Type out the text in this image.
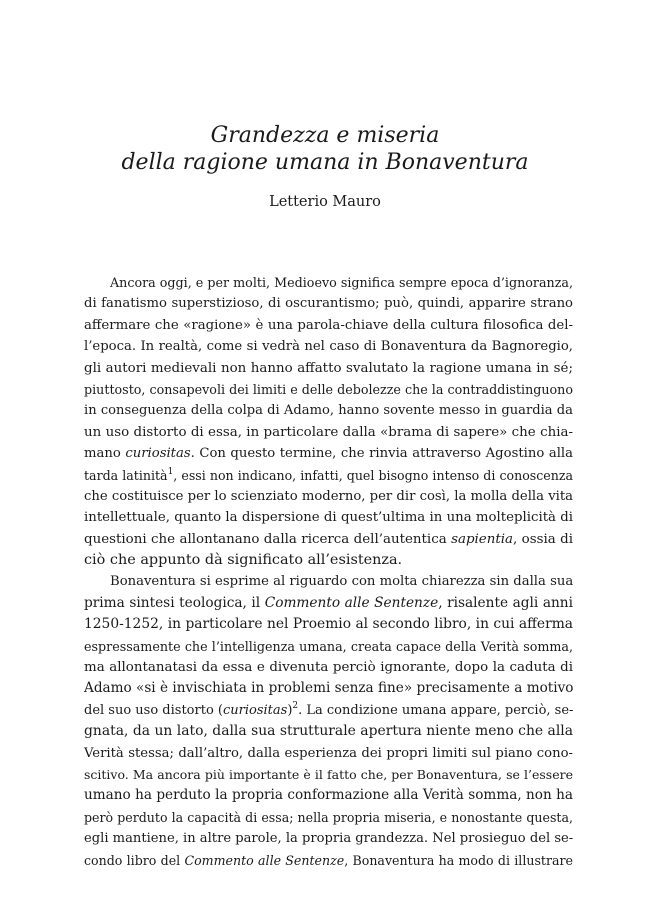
Grandezza e miseria
della ragione umana in Bonaventura
Letterio Mauro
Ancora oggi, e per molti, Medioevo significa sempre epoca d’ignoranza,
di fanatismo superstizioso, di oscurantismo; può, quindi, apparire strano
affermare che «ragione» è una parola-chiave della cultura filosofica del-
l’epoca. In realtà, come si vedrà nel caso di Bonaventura da Bagnoregio,
gli autori medievali non hanno affatto svalutato la ragione umana in sé;
piuttosto, consapevoli dei limiti e delle debolezze che la contraddistinguono
in conseguenza della colpa di Adamo, hanno sovente messo in guardia da
un uso distorto di essa, in particolare dalla «brama di sapere» che chia-
mano curiositas. Con questo termine, che rinvia attraverso Agostino alla
tarda latinità$^1$, essi non indicano, infatti, quel bisogno intenso di conoscenza
che costituisce per lo scienziato moderno, per dir così, la molla della vita
intellettuale, quanto la dispersione di quest’ultima in una molteplicità di
questioni che allontanano dalla ricerca dell’autentica sapientia, ossia di
ciò che appunto dà significato all’esistenza.
Bonaventura si esprime al riguardo con molta chiarezza sin dalla sua
prima sintesi teologica, il Commento alle Sentenze, risalente agli anni
1250-1252, in particolare nel Proemio al secondo libro, in cui afferma
espressamente che l’intelligenza umana, creata capace della Verità somma,
ma allontanatasi da essa e divenuta perciò ignorante, dopo la caduta di
Adamo «si è invischiata in problemi senza fine» precisamente a motivo
del suo uso distorto (curiositas)$^2$. La condizione umana appare, perciò, se-
gnata, da un lato, dalla sua strutturale apertura niente meno che alla
Verità stessa; dall’altro, dalla esperienza dei propri limiti sul piano cono-
scitivo. Ma ancora più importante è il fatto che, per Bonaventura, se l’essere
umano ha perduto la propria conformazione alla Verità somma, non ha
però perduto la capacità di essa; nella propria miseria, e nonostante questa,
egli mantiene, in altre parole, la propria grandezza. Nel prosieguo del se-
condo libro del Commento alle Sentenze, Bonaventura ha modo di illustrare
